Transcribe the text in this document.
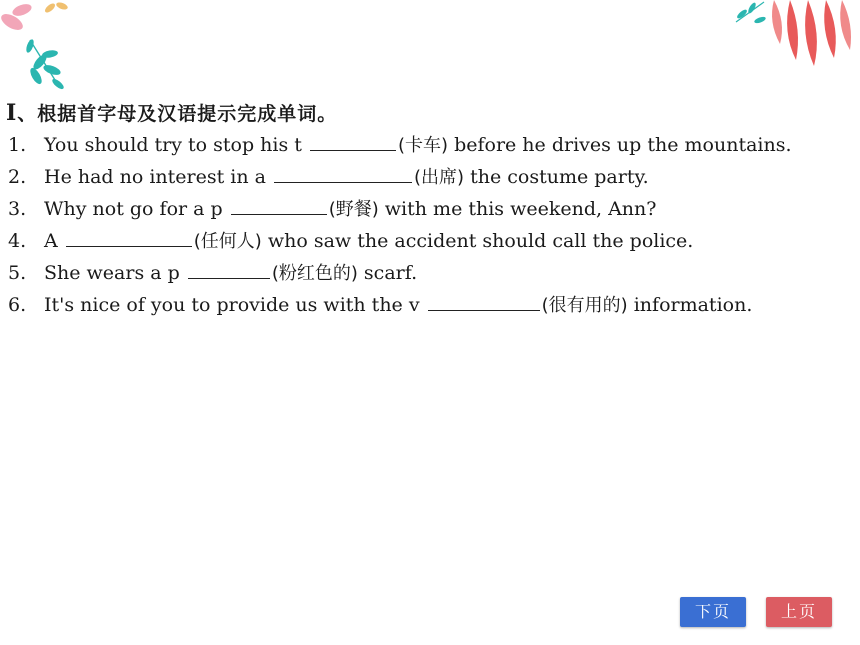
Ⅰ、根据首字母及汉语提示完成单词。
1. You should try to stop his t	(卡车) before he drives up the mountains.
2. He had no interest in a	(出席) the costume party.
3. Why not go for a p	(野餐) with me this weekend, Ann?
4. A	(任何人) who saw the accident should call the police.
5. She wears a p	(粉红色的) scarf.
6. It's nice of you to provide us with the v	(很有用的) information.
下页	上页
